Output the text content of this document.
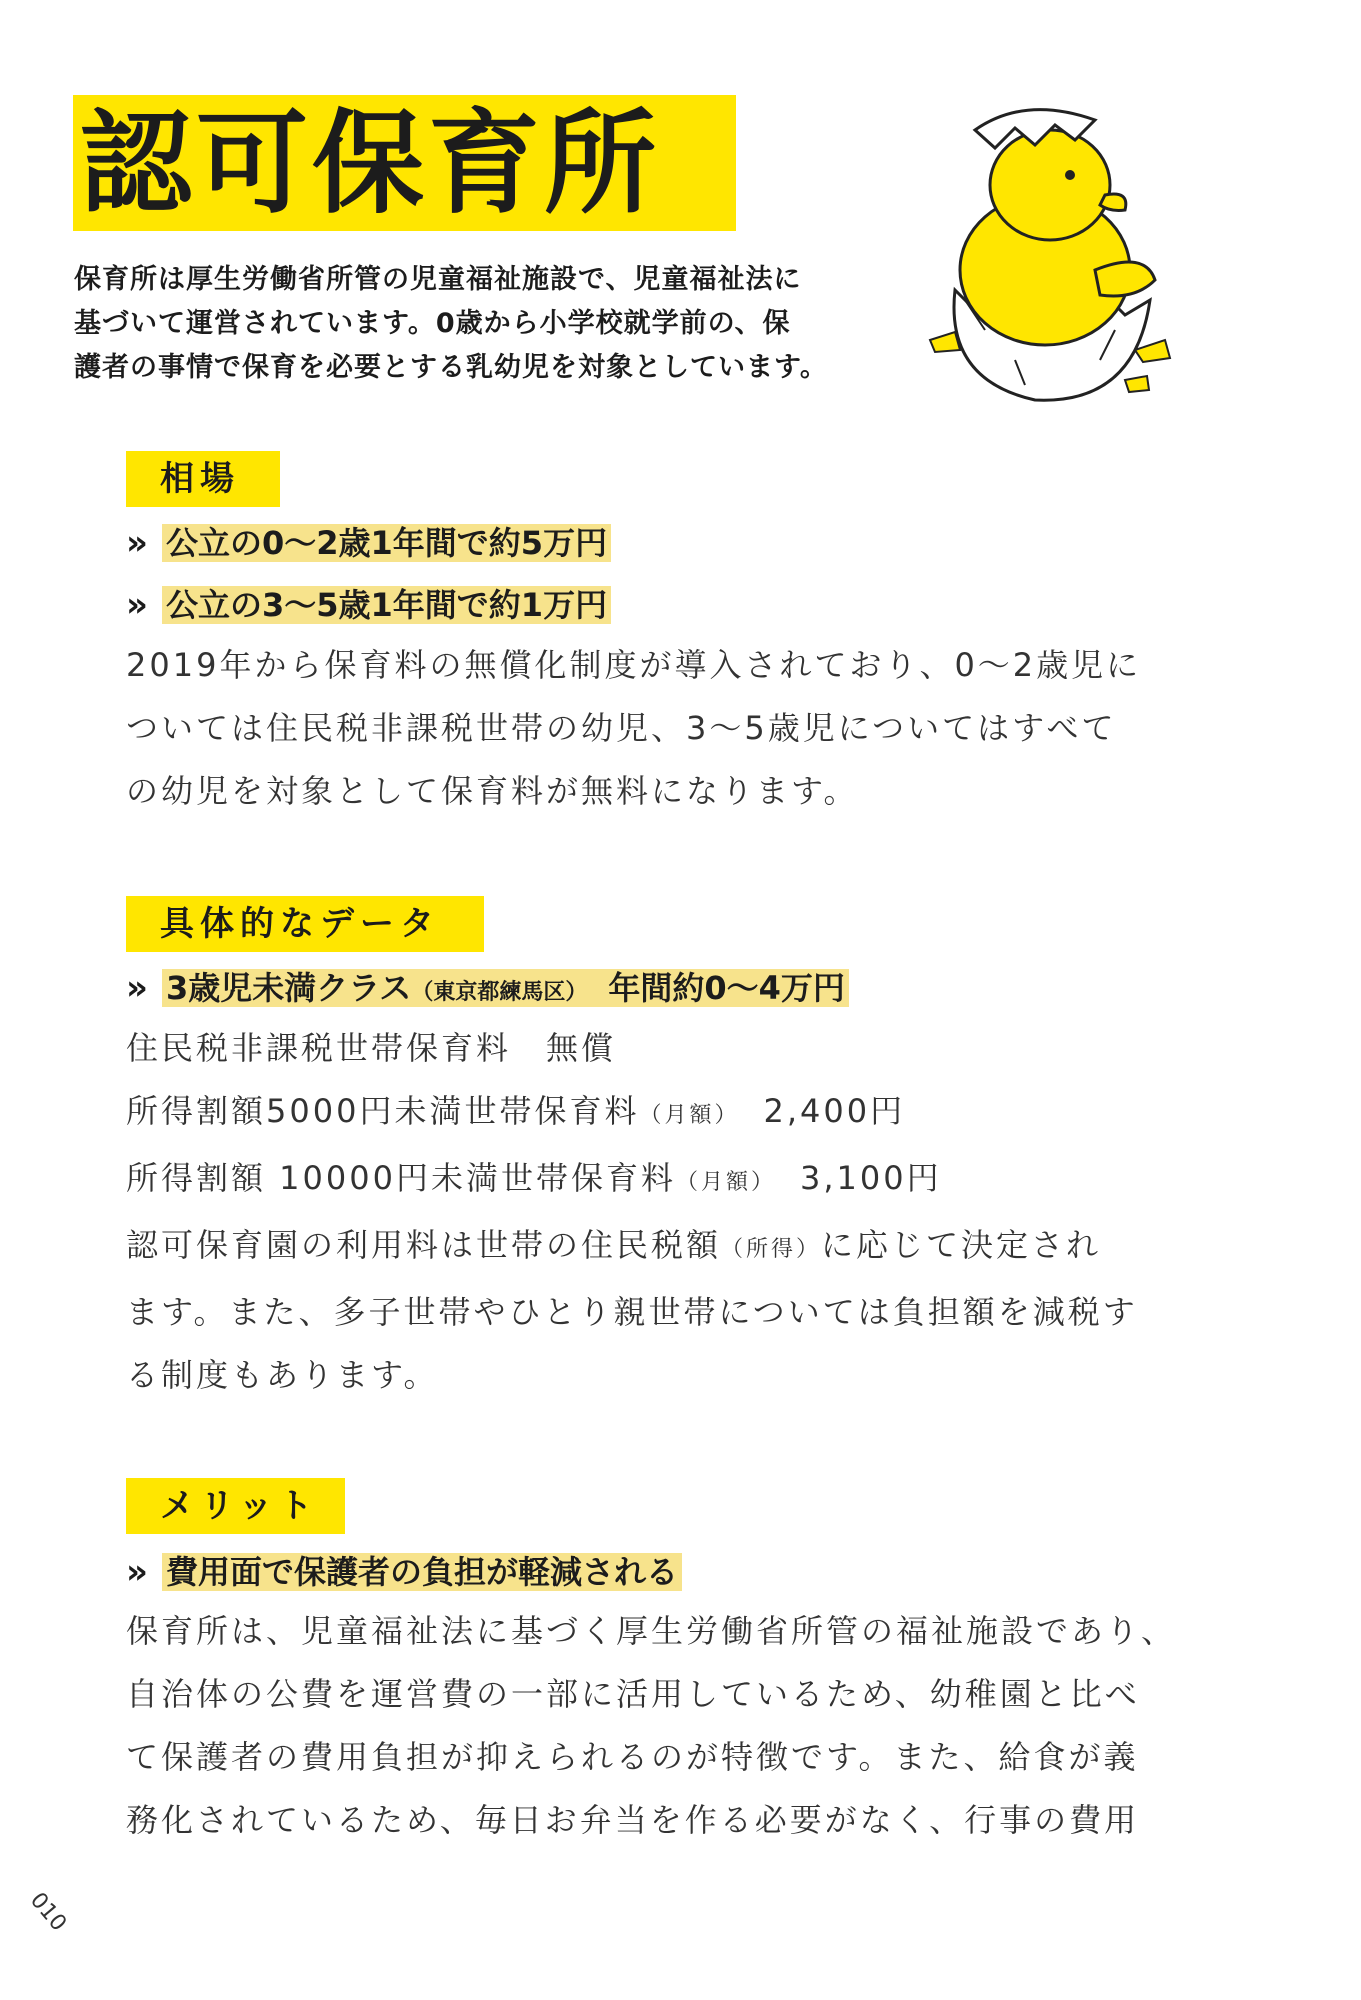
認可保育所
保育所は厚生労働省所管の児童福祉施設で、児童福祉法に
基づいて運営されています。0歳から小学校就学前の、保
護者の事情で保育を必要とする乳幼児を対象としています。
相場
» 公立の0〜2歳1年間で約5万円
» 公立の3〜5歳1年間で約1万円
2019年から保育料の無償化制度が導入されており、0〜2歳児に
ついては住民税非課税世帯の幼児、3〜5歳児についてはすべて
の幼児を対象として保育料が無料になります。
具体的なデータ
» 3歳児未満クラス（東京都練馬区）　 年間約0〜4万円
住民税非課税世帯保育料　 無償
所得割額5000円未満世帯保育料（月額）　 2,400円
所得割額 10000円未満世帯保育料（月額）　 3,100円
認可保育園の利用料は世帯の住民税額（所得）に応じて決定され
ます。また、多子世帯やひとり親世帯については負担額を減税す
る制度もあります。
メリット
» 費用面で保護者の負担が軽減される
保育所は、児童福祉法に基づく厚生労働省所管の福祉施設であり、
自治体の公費を運営費の一部に活用しているため、幼稚園と比べ
て保護者の費用負担が抑えられるのが特徴です。また、給食が義
務化されているため、毎日お弁当を作る必要がなく、行事の費用
010
